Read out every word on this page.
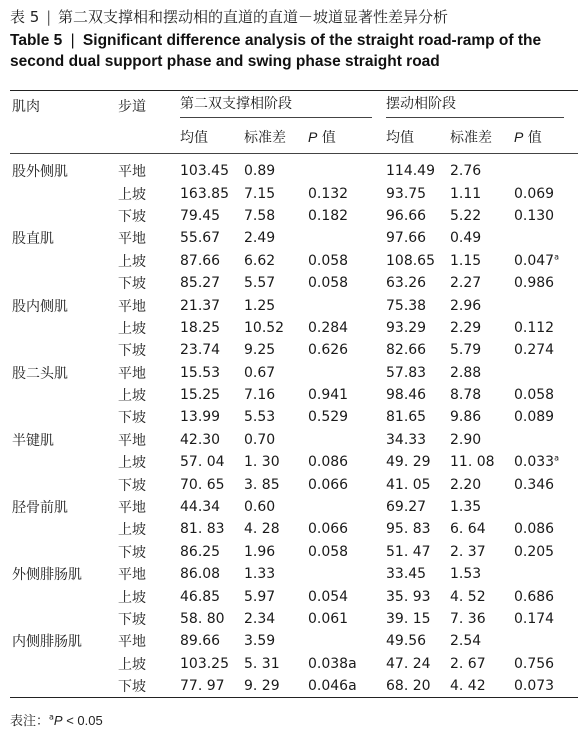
表 5 | 第二双支撑相和摆动相的直道的直道－坡道显著性差异分析

Table 5 | Significant difference analysis of the straight road-ramp of the second dual support phase and swing phase straight road

肌肉	步道	第二双支撑相阶段			摆动相阶段		

		均值	标准差	P 值	均值	标准差	P 值
股外侧肌	平地	103.45	0.89		114.49	2.76	
	上坡	163.85	7.15	0.132	93.75	1.11	0.069
	下坡	79.45	7.58	0.182	96.66	5.22	0.130
股直肌	平地	55.67	2.49		97.66	0.49	
	上坡	87.66	6.62	0.058	108.65	1.15	0.047$^a$
	下坡	85.27	5.57	0.058	63.26	2.27	0.986
股内侧肌	平地	21.37	1.25		75.38	2.96	
	上坡	18.25	10.52	0.284	93.29	2.29	0.112
	下坡	23.74	9.25	0.626	82.66	5.79	0.274
股二头肌	平地	15.53	0.67		57.83	2.88	
	上坡	15.25	7.16	0.941	98.46	8.78	0.058
	下坡	13.99	5.53	0.529	81.65	9.86	0.089
半键肌	平地	42.30	0.70		34.33	2.90	
	上坡	57. 04	1. 30	0.086	49. 29	11. 08	0.033$^a$
	下坡	70. 65	3. 85	0.066	41. 05	2.20	0.346
胫骨前肌	平地	44.34	0.60		69.27	1.35	
	上坡	81. 83	4. 28	0.066	95. 83	6. 64	0.086
	下坡	86.25	1.96	0.058	51. 47	2. 37	0.205
外侧腓肠肌	平地	86.08	1.33		33.45	1.53	
	上坡	46.85	5.97	0.054	35. 93	4. 52	0.686
	下坡	58. 80	2.34	0.061	39. 15	7. 36	0.174
内侧腓肠肌	平地	89.66	3.59		49.56	2.54	
	上坡	103.25	5. 31	0.038a	47. 24	2. 67	0.756
	下坡	77. 97	9. 29	0.046a	68. 20	4. 42	0.073
表注：$^a$P < 0.05
